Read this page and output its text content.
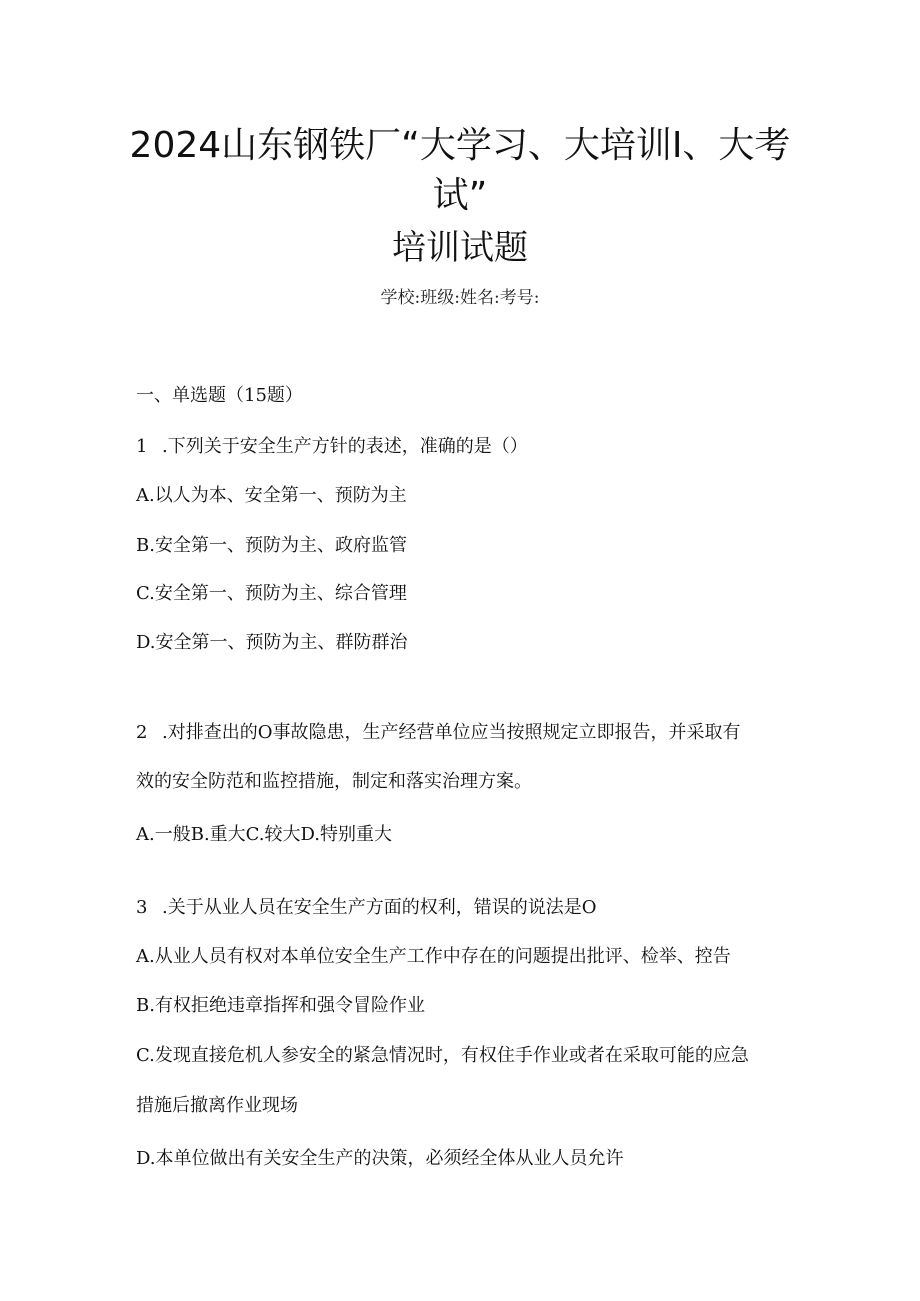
2024山东钢铁厂“大学习、大培训I、大考
试”
培训试题
学校:班级:姓名:考号:
一、单选题（15题）
1 .下列关于安全生产方针的表述，准确的是（）
A.以人为本、安全第一、预防为主
B.安全第一、预防为主、政府监管
C.安全第一、预防为主、综合管理
D.安全第一、预防为主、群防群治
2 .对排查出的O事故隐患，生产经营单位应当按照规定立即报告，并采取有
效的安全防范和监控措施，制定和落实治理方案。
A.一般B.重大C.较大D.特别重大
3 .关于从业人员在安全生产方面的权利，错误的说法是O
A.从业人员有权对本单位安全生产工作中存在的问题提出批评、检举、控告
B.有权拒绝违章指挥和强令冒险作业
C.发现直接危机人参安全的紧急情况时，有权住手作业或者在采取可能的应急
措施后撤离作业现场
D.本单位做出有关安全生产的决策，必须经全体从业人员允许
